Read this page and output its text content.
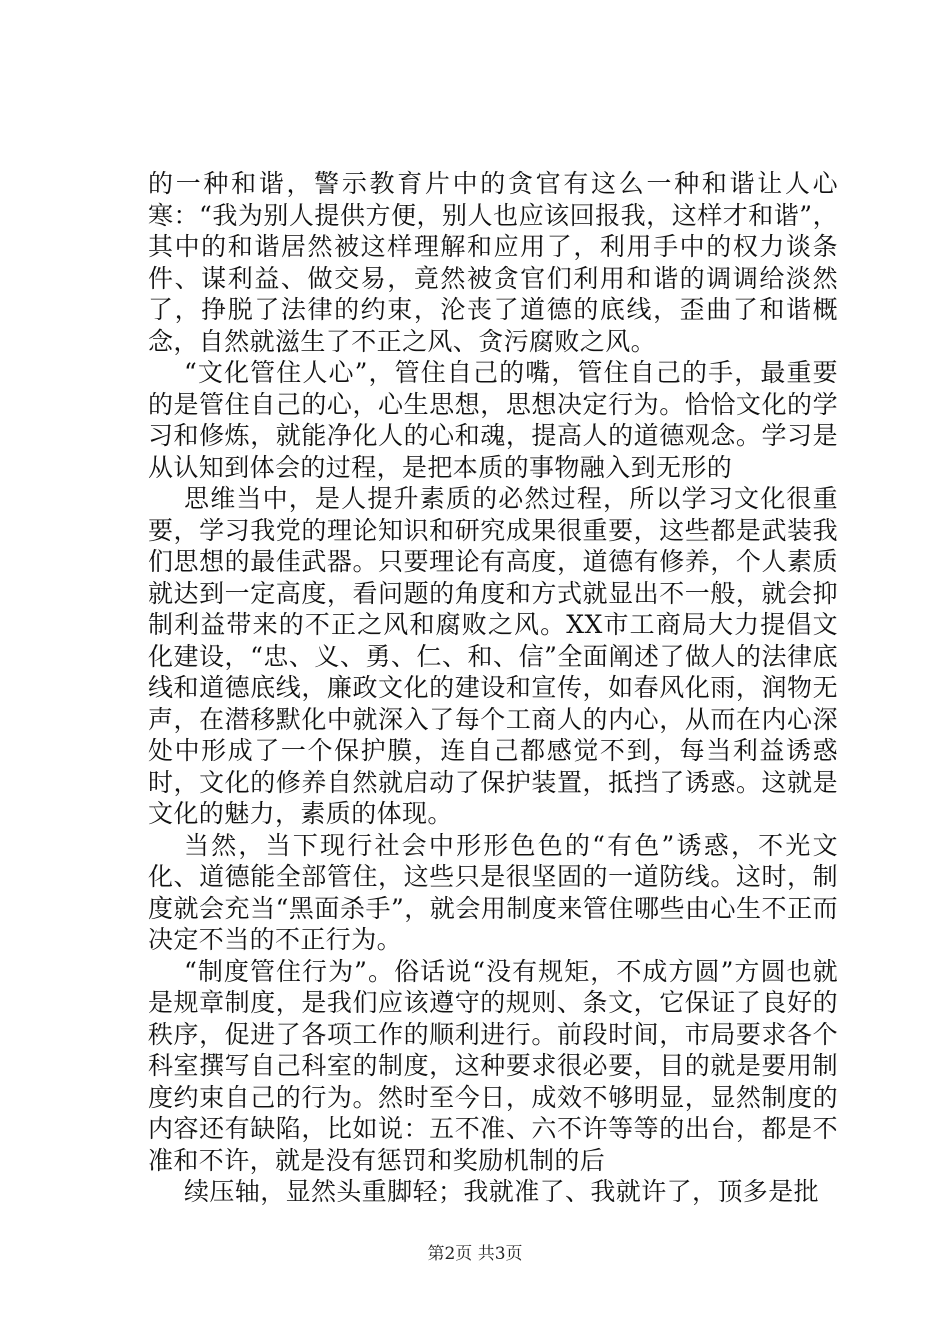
的一种和谐，警示教育片中的贪官有这么一种和谐让人心寒：“我为别人提供方便，别人也应该回报我，这样才和谐”，其中的和谐居然被这样理解和应用了，利用手中的权力谈条件、谋利益、做交易，竟然被贪官们利用和谐的调调给淡然了，挣脱了法律的约束，沦丧了道德的底线，歪曲了和谐概念，自然就滋生了不正之风、贪污腐败之风。

“文化管住人心”，管住自己的嘴，管住自己的手，最重要的是管住自己的心，心生思想，思想决定行为。恰恰文化的学习和修炼，就能净化人的心和魂，提高人的道德观念。学习是从认知到体会的过程，是把本质的事物融入到无形的

思维当中，是人提升素质的必然过程，所以学习文化很重要，学习我党的理论知识和研究成果很重要，这些都是武装我们思想的最佳武器。只要理论有高度，道德有修养，个人素质就达到一定高度，看问题的角度和方式就显出不一般，就会抑制利益带来的不正之风和腐败之风。XX市工商局大力提倡文化建设，“忠、义、勇、仁、和、信”全面阐述了做人的法律底线和道德底线，廉政文化的建设和宣传，如春风化雨，润物无声，在潜移默化中就深入了每个工商人的内心，从而在内心深处中形成了一个保护膜，连自己都感觉不到，每当利益诱惑时，文化的修养自然就启动了保护装置，抵挡了诱惑。这就是文化的魅力，素质的体现。

当然，当下现行社会中形形色色的“有色”诱惑，不光文化、道德能全部管住，这些只是很坚固的一道防线。这时，制度就会充当“黑面杀手”，就会用制度来管住哪些由心生不正而决定不当的不正行为。

“制度管住行为”。俗话说“没有规矩，不成方圆”方圆也就是规章制度，是我们应该遵守的规则、条文，它保证了良好的秩序，促进了各项工作的顺利进行。前段时间，市局要求各个科室撰写自己科室的制度，这种要求很必要，目的就是要用制度约束自己的行为。然时至今日，成效不够明显，显然制度的内容还有缺陷，比如说：五不准、六不许等等的出台，都是不准和不许，就是没有惩罚和奖励机制的后

续压轴，显然头重脚轻；我就准了、我就许了，顶多是批

第2页 共3页
